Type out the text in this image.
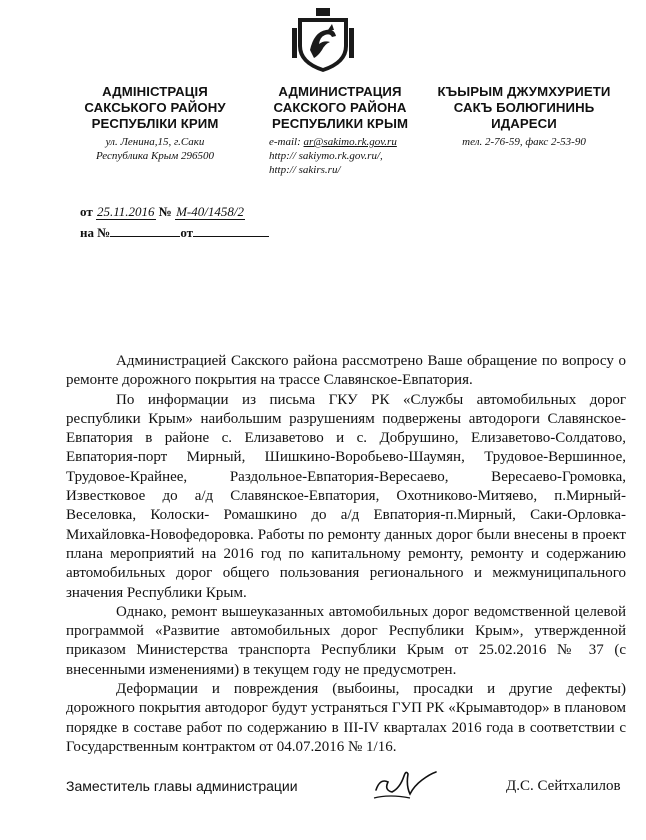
АДМІНІСТРАЦІЯ
САКСЬКОГО РАЙОНУ
РЕСПУБЛІКИ КРИМ
ул. Ленина,15, г.Саки
Республика Крым 296500
АДМИНИСТРАЦИЯ
САКСКОГО РАЙОНА
РЕСПУБЛИКИ КРЫМ
e-mail: ar@sakimo.rk.gov.ru
http:// sakiymo.rk.gov.ru/,
http:// sakirs.ru/
КЪЫРЫМ ДЖУМХУРИЕТИ
САКЪ БОЛЮГИНИНЬ
ИДАРЕСИ
тел. 2-76-59, факс 2-53-90
от 25.11.2016 № М-40/1458/2
на №	от

Администрацией Сакского района рассмотрено Ваше обращение по вопросу о ремонте дорожного покрытия на трассе Славянское-Евпатория.

По информации из письма ГКУ РК «Службы автомобильных дорог республики Крым» наибольшим разрушениям подвержены автодороги Славянское-Евпатория в районе с. Елизаветово и с. Добрушино, Елизаветово-Солдатово, Евпатория-порт Мирный, Шишкино-Воробьево-Шаумян, Трудовое-Вершинное, Трудовое-Крайнее, Раздольное-Евпатория-Вересаево, Вересаево-Громовка, Известковое до а/д Славянское-Евпатория, Охотниково-Митяево, п.Мирный-Веселовка, Колоски- Ромашкино до а/д Евпатория-п.Мирный, Саки-Орловка-Михайловка-Новофедоровка. Работы по ремонту данных дорог были внесены в проект плана мероприятий на 2016 год по капитальному ремонту, ремонту и содержанию автомобильных дорог общего пользования регионального и межмуниципального значения Республики Крым.

Однако, ремонт вышеуказанных автомобильных дорог ведомственной целевой программой «Развитие автомобильных дорог Республики Крым», утвержденной приказом Министерства транспорта Республики Крым от 25.02.2016 № 37 (с внесенными изменениями) в текущем году не предусмотрен.

Деформации и повреждения (выбоины, просадки и другие дефекты) дорожного покрытия автодорог будут устраняться ГУП РК «Крымавтодор» в плановом порядке в составе работ по содержанию в III-IV кварталах 2016 года в соответствии с Государственным контрактом от 04.07.2016 № 1/16.

Заместитель главы администрации	Д.С. Сейтхалилов
